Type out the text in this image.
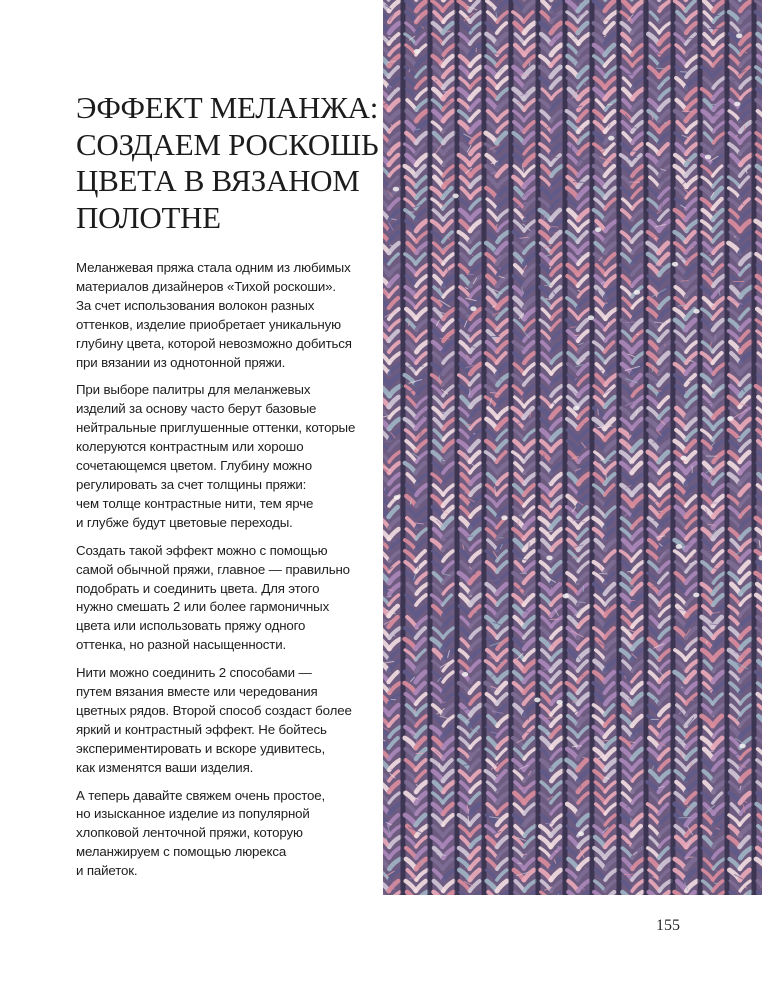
ЭФФЕКТ МЕЛАНЖА:
СОЗДАЕМ РОСКОШЬ
ЦВЕТА В ВЯЗАНОМ
ПОЛОТНЕ

Меланжевая пряжа стала одним из любимых
материалов дизайнеров «Тихой роскоши».
За счет использования волокон разных
оттенков, изделие приобретает уникальную
глубину цвета, которой невозможно добиться
при вязании из однотонной пряжи.

При выборе палитры для меланжевых
изделий за основу часто берут базовые
нейтральные приглушенные оттенки, которые
колеруются контрастным или хорошо
сочетающемся цветом. Глубину можно
регулировать за счет толщины пряжи:
чем толще контрастные нити, тем ярче
и глубже будут цветовые переходы.

Создать такой эффект можно с помощью
самой обычной пряжи, главное — правильно
подобрать и соединить цвета. Для этого
нужно смешать 2 или более гармоничных
цвета или использовать пряжу одного
оттенка, но разной насыщенности.

Нити можно соединить 2 способами —
путем вязания вместе или чередования
цветных рядов. Второй способ создаст более
яркий и контрастный эффект. Не бойтесь
экспериментировать и вскоре удивитесь,
как изменятся ваши изделия.

А теперь давайте свяжем очень простое,
но изысканное изделие из популярной
хлопковой ленточной пряжи, которую
меланжируем с помощью люрекса
и пайеток.

155
